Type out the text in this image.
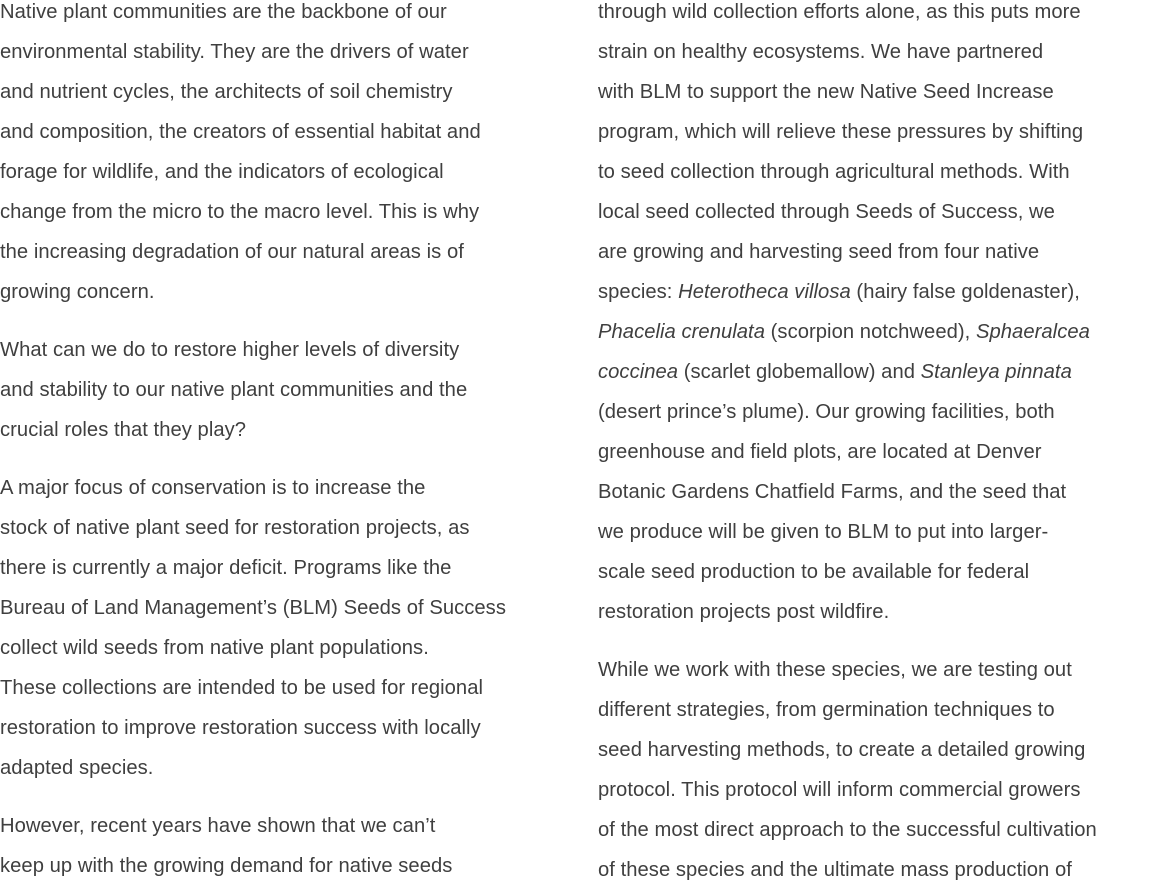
Native plant communities are the backbone of our
environmental stability. They are the drivers of water
and nutrient cycles, the architects of soil chemistry
and composition, the creators of essential habitat and
forage for wildlife, and the indicators of ecological
change from the micro to the macro level. This is why
the increasing degradation of our natural areas is of
growing concern.

What can we do to restore higher levels of diversity
and stability to our native plant communities and the
crucial roles that they play?

A major focus of conservation is to increase the
stock of native plant seed for restoration projects, as
there is currently a major deficit. Programs like the
Bureau of Land Management’s (BLM) Seeds of Success
collect wild seeds from native plant populations.
These collections are intended to be used for regional
restoration to improve restoration success with locally
adapted species.

However, recent years have shown that we can’t
keep up with the growing demand for native seeds

through wild collection efforts alone, as this puts more
strain on healthy ecosystems. We have partnered
with BLM to support the new Native Seed Increase
program, which will relieve these pressures by shifting
to seed collection through agricultural methods. With
local seed collected through Seeds of Success, we
are growing and harvesting seed from four native
species: Heterotheca villosa (hairy false goldenaster),
Phacelia crenulata (scorpion notchweed), Sphaeralcea
coccinea (scarlet globemallow) and Stanleya pinnata
(desert prince’s plume). Our growing facilities, both
greenhouse and field plots, are located at Denver
Botanic Gardens Chatfield Farms, and the seed that
we produce will be given to BLM to put into larger-
scale seed production to be available for federal
restoration projects post wildfire.

While we work with these species, we are testing out
different strategies, from germination techniques to
seed harvesting methods, to create a detailed growing
protocol. This protocol will inform commercial growers
of the most direct approach to the successful cultivation
of these species and the ultimate mass production of
